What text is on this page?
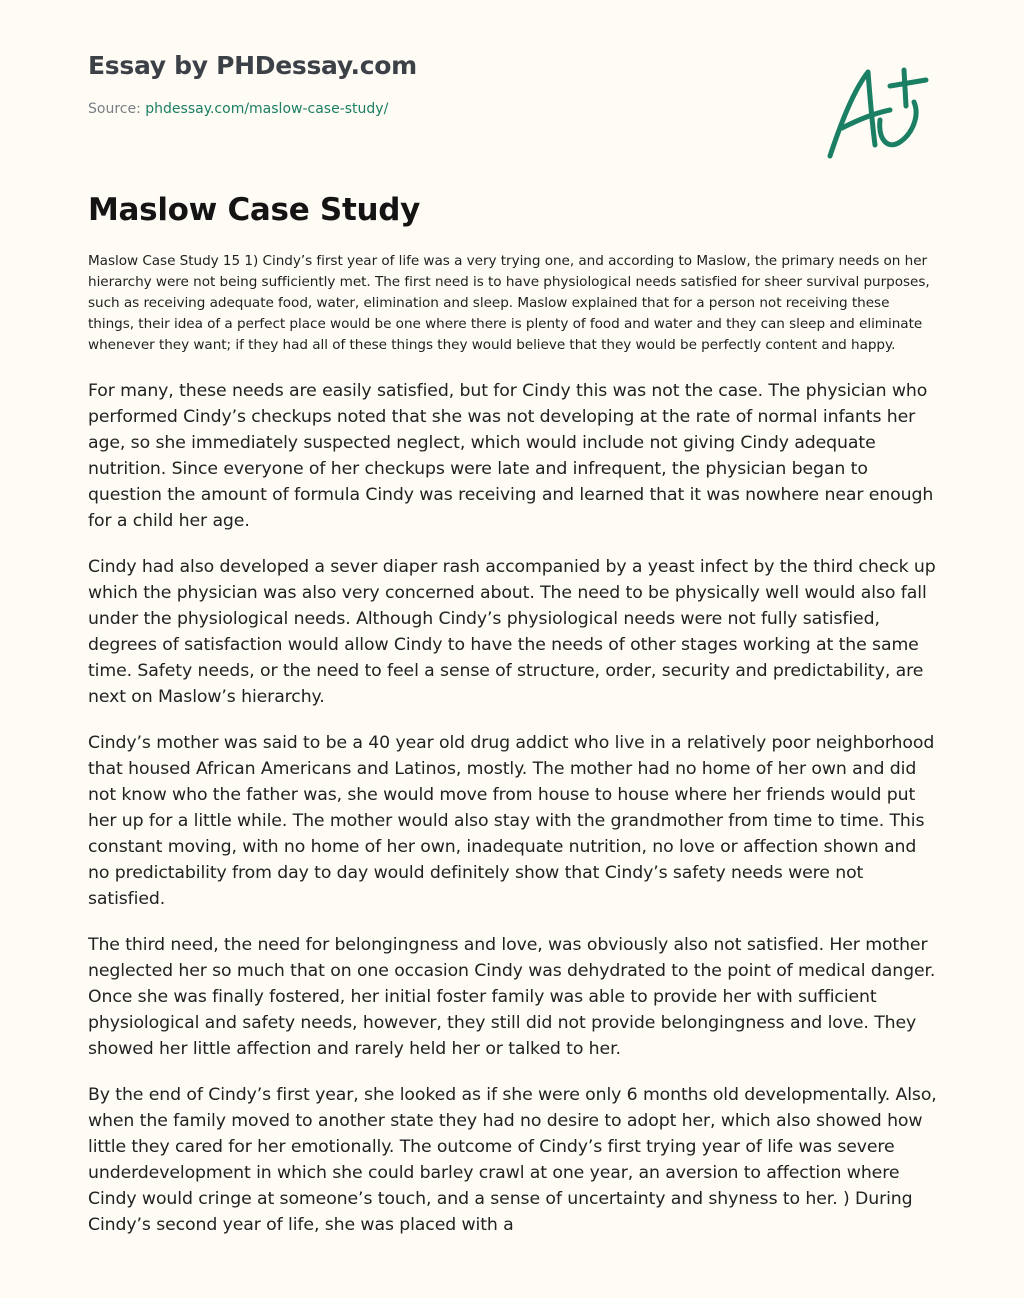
Essay by PHDessay.com
Source: phdessay.com/maslow-case-study/
Maslow Case Study

Maslow Case Study 15 1) Cindy’s first year of life was a very trying one, and according to Maslow, the primary needs on her hierarchy were not being sufficiently met. The first need is to have physiological needs satisfied for sheer survival purposes, such as receiving adequate food, water, elimination and sleep. Maslow explained that for a person not receiving these things, their idea of a perfect place would be one where there is plenty of food and water and they can sleep and eliminate whenever they want; if they had all of these things they would believe that they would be perfectly content and happy.

For many, these needs are easily satisfied, but for Cindy this was not the case. The physician who performed Cindy’s checkups noted that she was not developing at the rate of normal infants her age, so she immediately suspected neglect, which would include not giving Cindy adequate nutrition. Since everyone of her checkups were late and infrequent, the physician began to question the amount of formula Cindy was receiving and learned that it was nowhere near enough for a child her age.

Cindy had also developed a sever diaper rash accompanied by a yeast infect by the third check up which the physician was also very concerned about. The need to be physically well would also fall under the physiological needs. Although Cindy’s physiological needs were not fully satisfied, degrees of satisfaction would allow Cindy to have the needs of other stages working at the same time. Safety needs, or the need to feel a sense of structure, order, security and predictability, are next on Maslow’s hierarchy.

Cindy’s mother was said to be a 40 year old drug addict who live in a relatively poor neighborhood that housed African Americans and Latinos, mostly. The mother had no home of her own and did not know who the father was, she would move from house to house where her friends would put her up for a little while. The mother would also stay with the grandmother from time to time. This constant moving, with no home of her own, inadequate nutrition, no love or affection shown and no predictability from day to day would definitely show that Cindy’s safety needs were not satisfied.

The third need, the need for belongingness and love, was obviously also not satisfied. Her mother neglected her so much that on one occasion Cindy was dehydrated to the point of medical danger. Once she was finally fostered, her initial foster family was able to provide her with sufficient physiological and safety needs, however, they still did not provide belongingness and love. They showed her little affection and rarely held her or talked to her.

By the end of Cindy’s first year, she looked as if she were only 6 months old developmentally. Also, when the family moved to another state they had no desire to adopt her, which also showed how little they cared for her emotionally. The outcome of Cindy’s first trying year of life was severe underdevelopment in which she could barley crawl at one year, an aversion to affection where Cindy would cringe at someone’s touch, and a sense of uncertainty and shyness to her. ) During Cindy’s second year of life, she was placed with a
